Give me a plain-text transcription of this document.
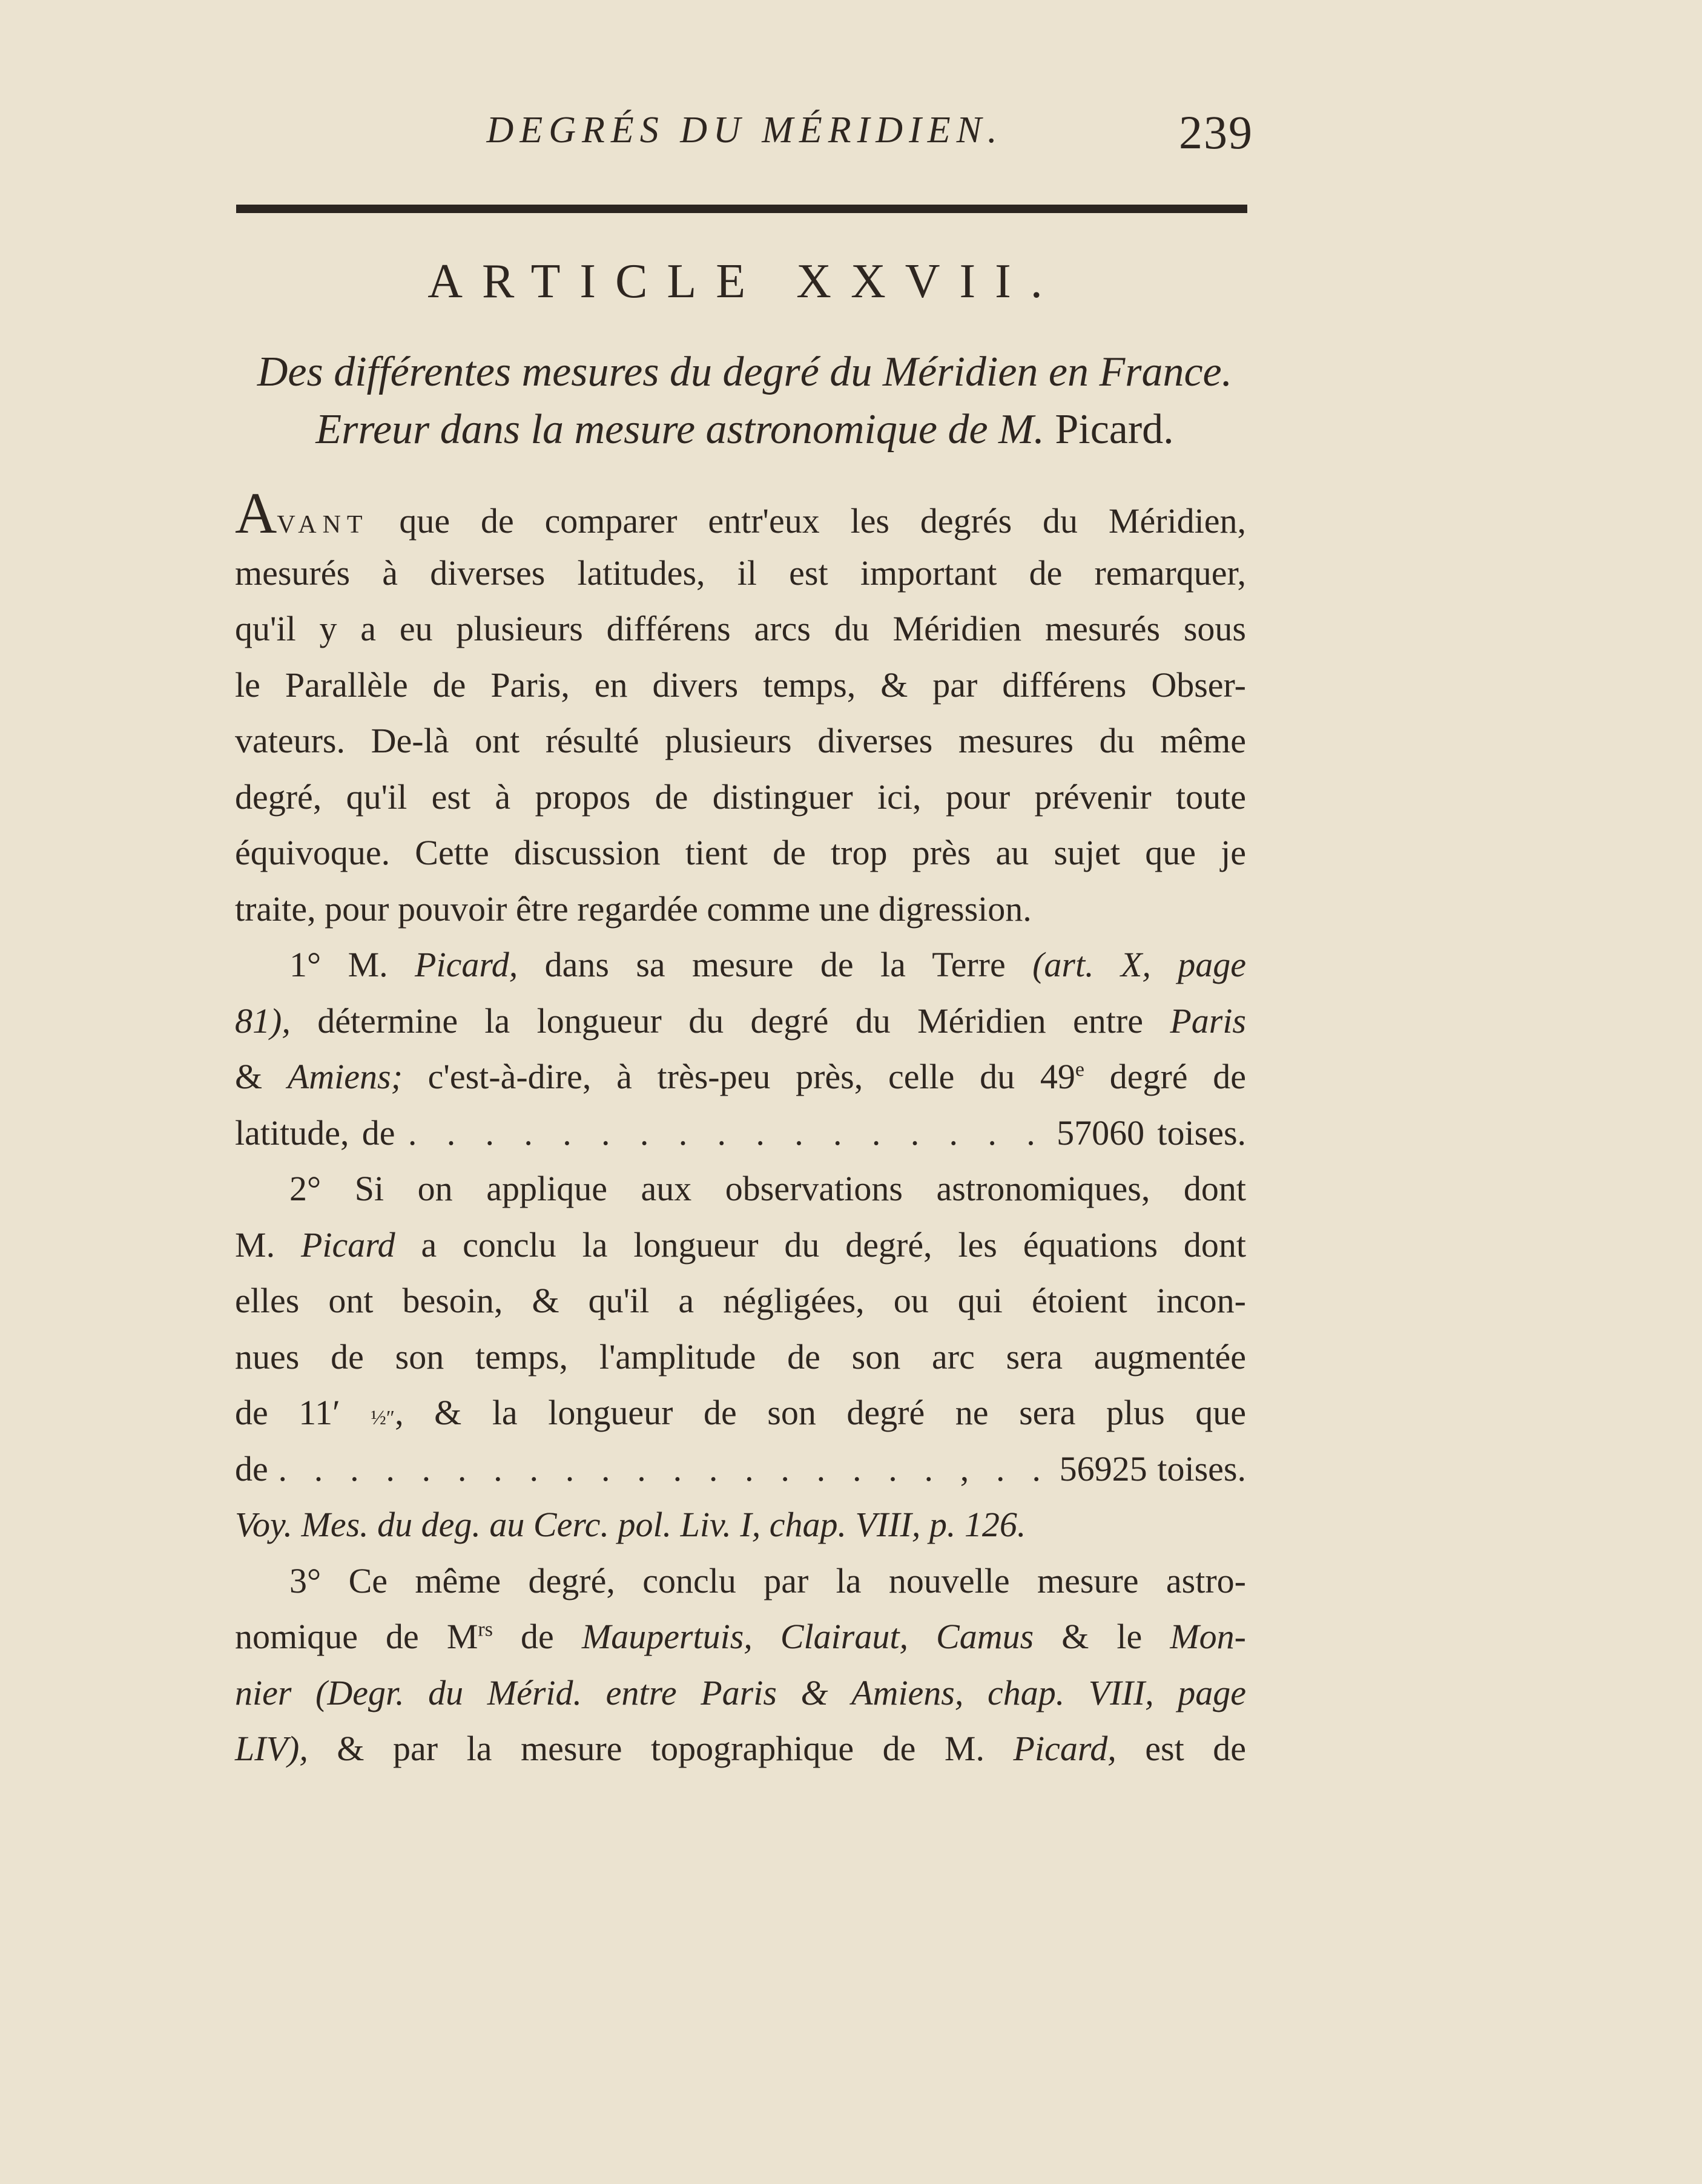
DEGRÉS DU MÉRIDIEN.	239
ARTICLE XXVII.
Des différentes mesures du degré du Méridien en France.
Erreur dans la mesure astronomique de M. Picard.
AVANT que de comparer entr'eux les degrés du Méridien,
mesurés à diverses latitudes, il est important de remarquer,
qu'il y a eu plusieurs différens arcs du Méridien mesurés sous
le Parallèle de Paris, en divers temps, & par différens Obser-
vateurs. De-là ont résulté plusieurs diverses mesures du même
degré, qu'il est à propos de distinguer ici, pour prévenir toute
équivoque. Cette discussion tient de trop près au sujet que je
traite, pour pouvoir être regardée comme une digression.
1° M. Picard, dans sa mesure de la Terre (art. X, page
81), détermine la longueur du degré du Méridien entre Paris
& Amiens; c'est-à-dire, à très-peu près, celle du 49e degré de
latitude, de . . . . . . . . . . . . . . . . . 57060 toises.
2° Si on applique aux observations astronomiques, dont
M. Picard a conclu la longueur du degré, les équations dont
elles ont besoin, & qu'il a négligées, ou qui étoient incon-
nues de son temps, l'amplitude de son arc sera augmentée
de 11′ ½″, & la longueur de son degré ne sera plus que
de . . . . . . . . . . . . . . . . . . . , . . 56925 toises.
Voy. Mes. du deg. au Cerc. pol. Liv. I, chap. VIII, p. 126.
3° Ce même degré, conclu par la nouvelle mesure astro-
nomique de $M^{rs}$ de Maupertuis, Clairaut, Camus & le Mon-
nier (Degr. du Mérid. entre Paris & Amiens, chap. VIII, page
LIV), & par la mesure topographique de M. Picard, est de
